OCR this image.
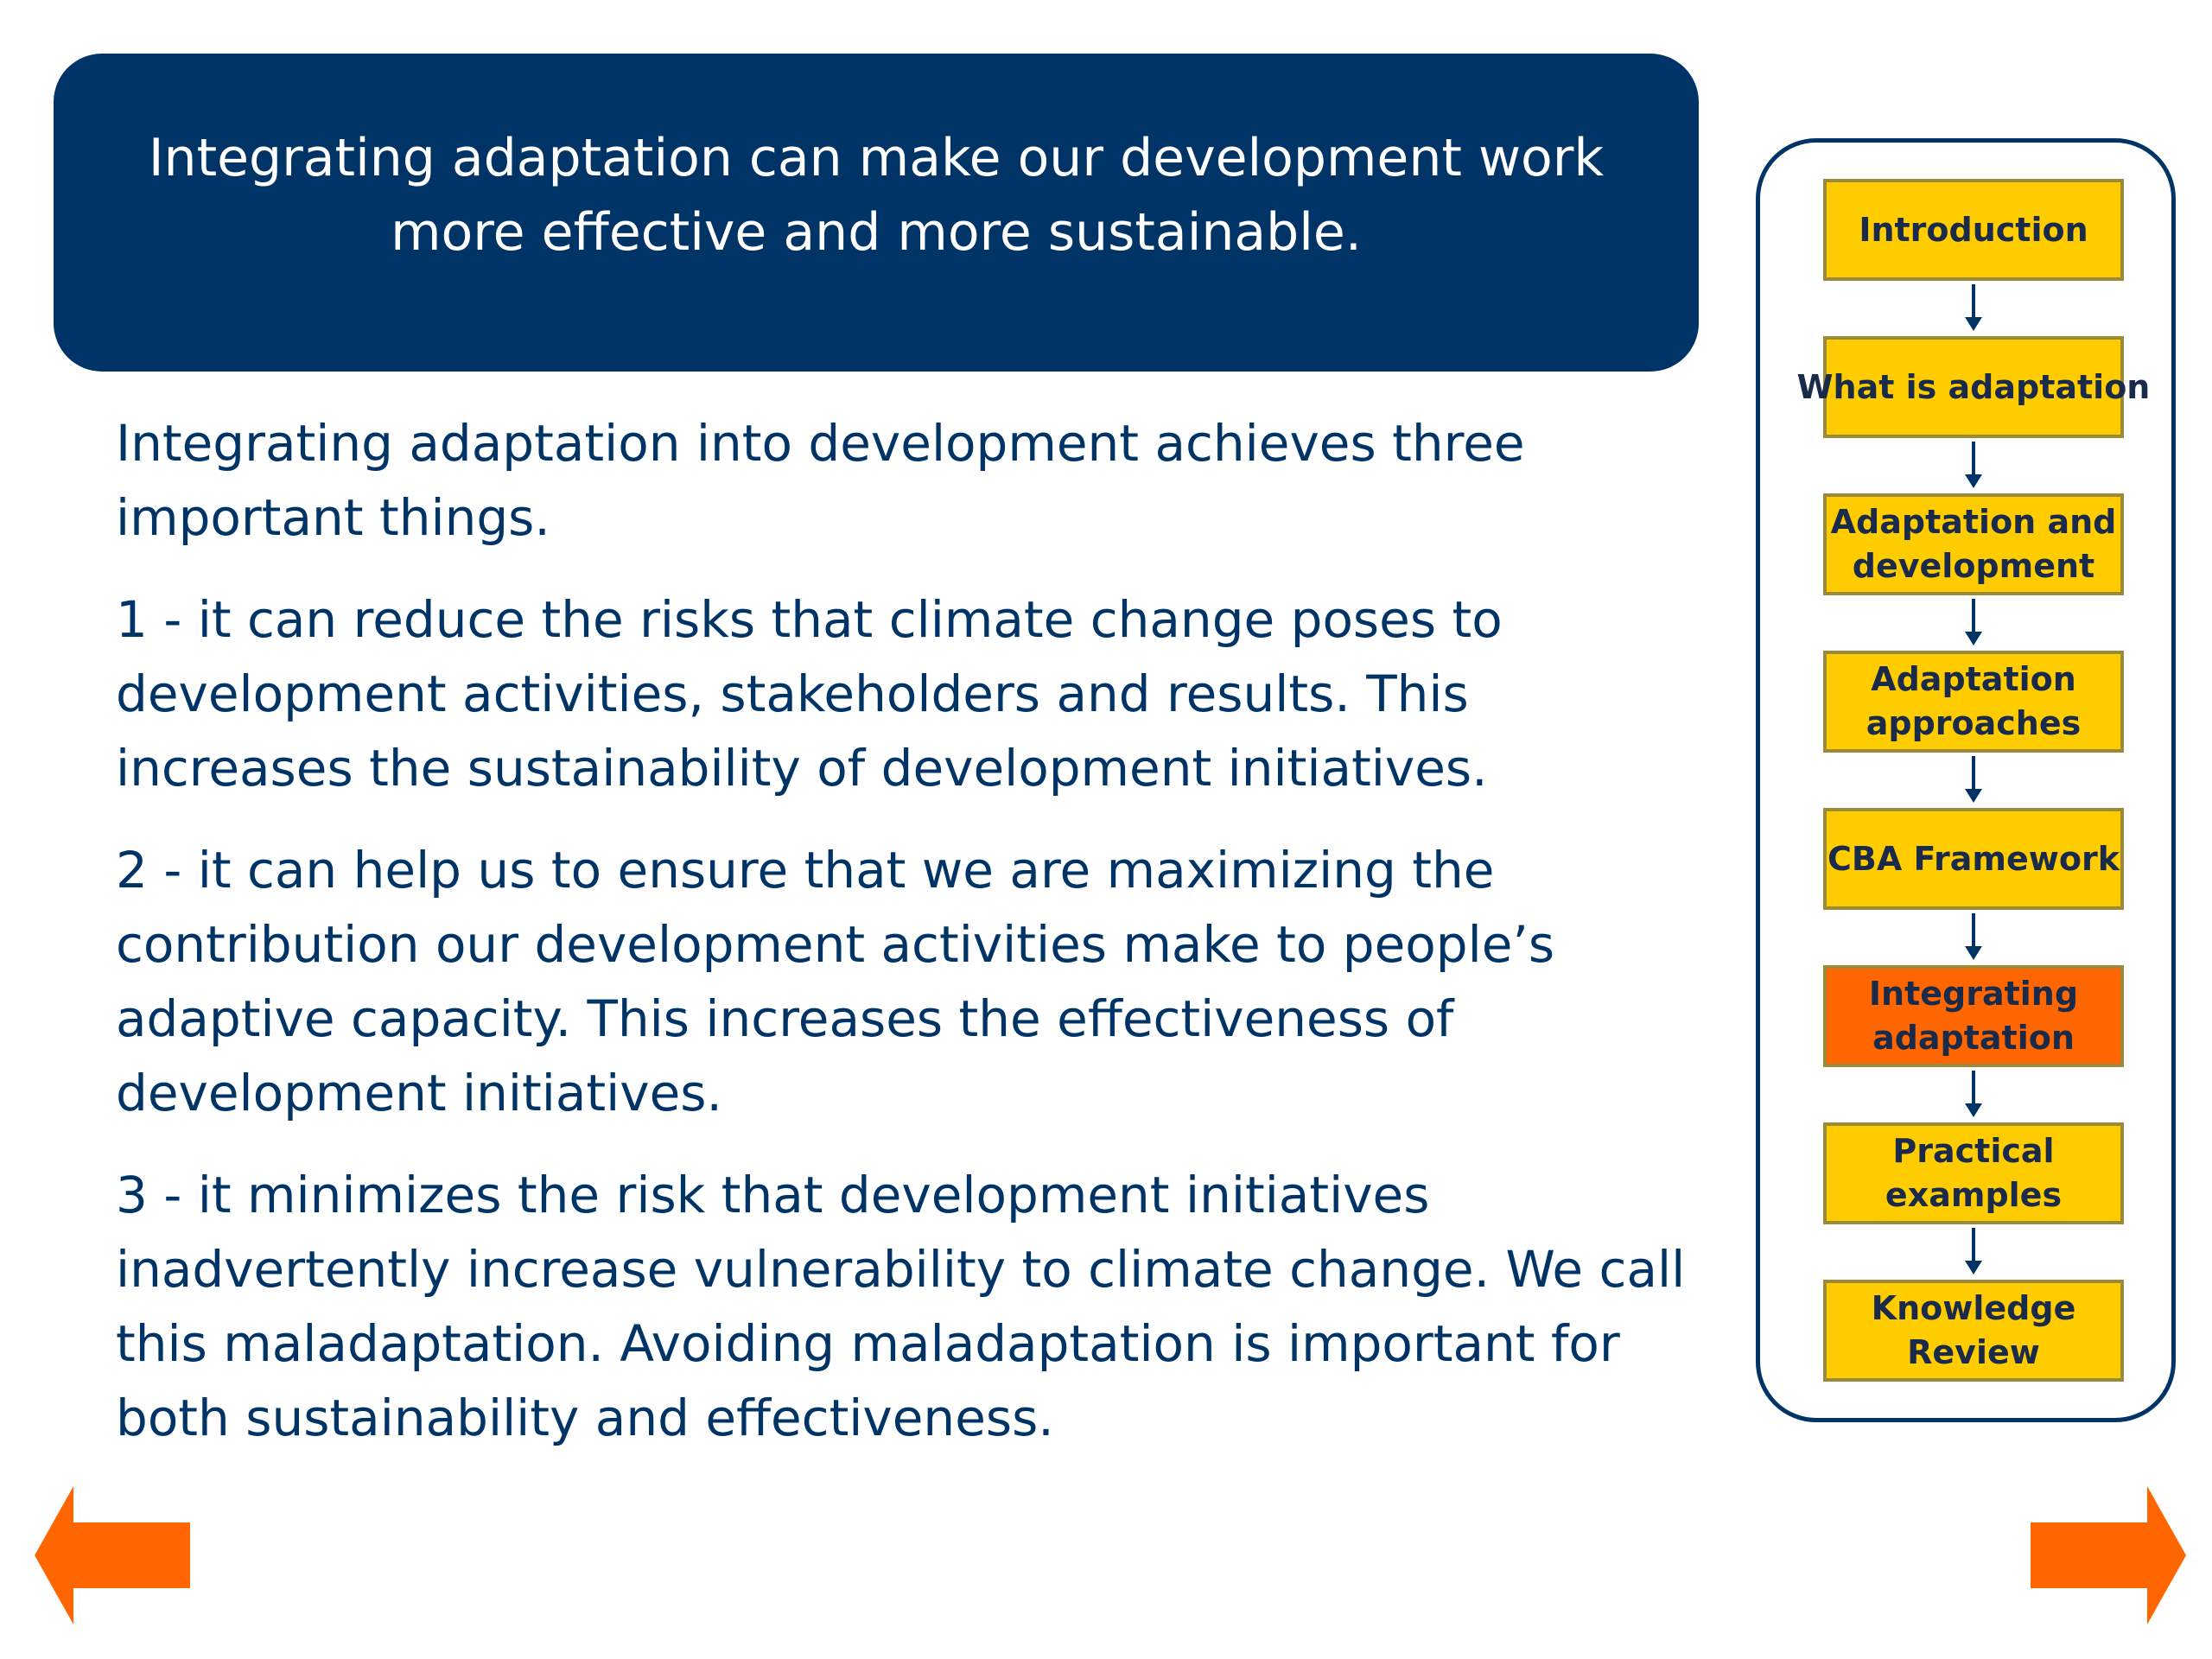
Integrating adaptation can make our development work
more effective and more sustainable.

Integrating adaptation into development achieves three
important things.

1 - it can reduce the risks that climate change poses to
development activities, stakeholders and results. This
increases the sustainability of development initiatives.

2 - it can help us to ensure that we are maximizing the
contribution our development activities make to people’s
adaptive capacity. This increases the effectiveness of
development initiatives.

3 - it minimizes the risk that development initiatives
inadvertently increase vulnerability to climate change. We call
this maladaptation. Avoiding maladaptation is important for
both sustainability and effectiveness.

Introduction
What is adaptation
Adaptation and
development
Adaptation
approaches
CBA Framework
Integrating
adaptation
Practical
examples
Knowledge
Review
